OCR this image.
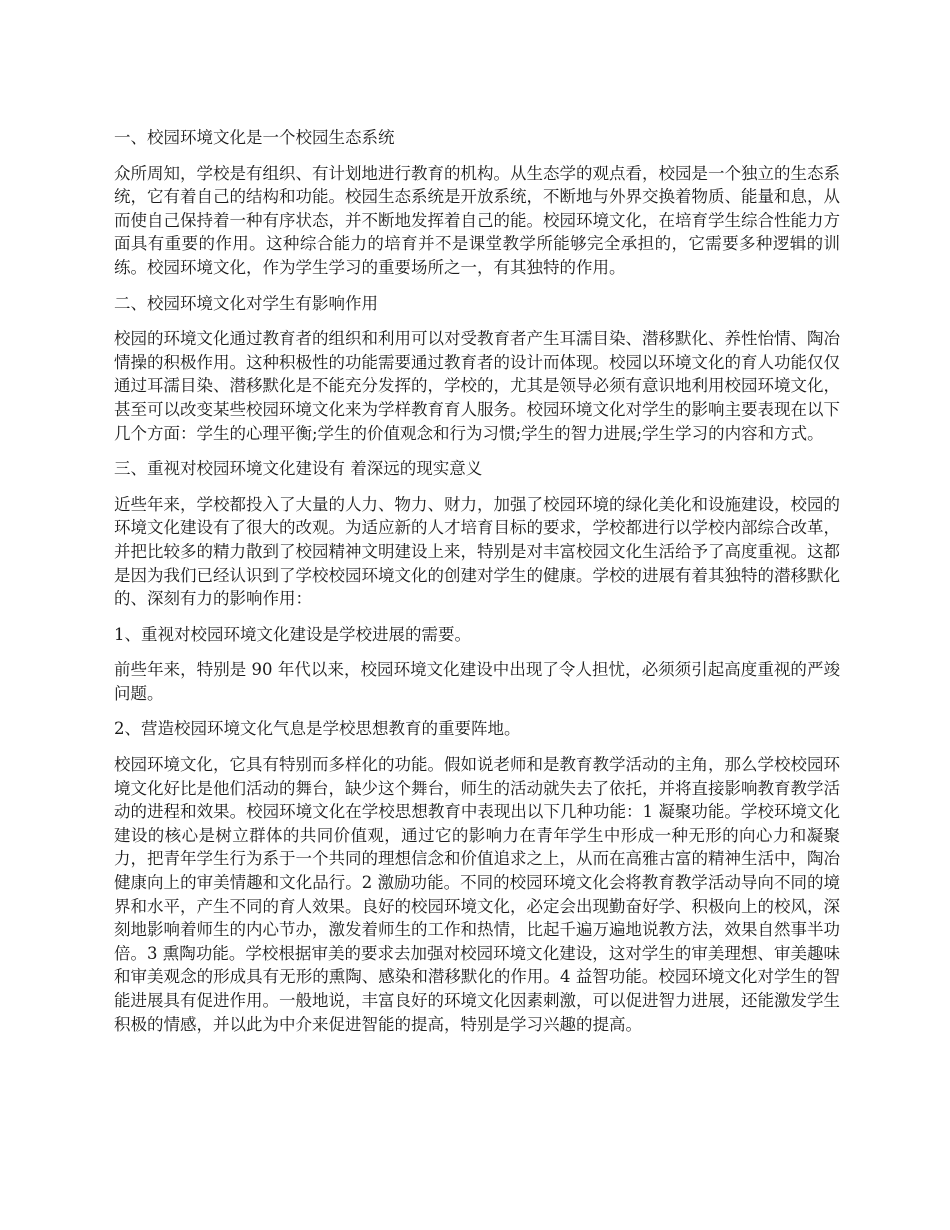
一、校园环境文化是一个校园生态系统

众所周知，学校是有组织、有计划地进行教育的机构。从生态学的观点看，校园是一个独立的生态系统，它有着自己的结构和功能。校园生态系统是开放系统，不断地与外界交换着物质、能量和息，从而使自己保持着一种有序状态，并不断地发挥着自己的能。校园环境文化，在培育学生综合性能力方面具有重要的作用。这种综合能力的培育并不是课堂教学所能够完全承担的，它需要多种逻辑的训练。校园环境文化，作为学生学习的重要场所之一，有其独特的作用。

二、校园环境文化对学生有影响作用

校园的环境文化通过教育者的组织和利用可以对受教育者产生耳濡目染、潜移默化、养性怡情、陶冶情操的积极作用。这种积极性的功能需要通过教育者的设计而体现。校园以环境文化的育人功能仅仅通过耳濡目染、潜移默化是不能充分发挥的，学校的，尤其是领导必须有意识地利用校园环境文化，甚至可以改变某些校园环境文化来为学样教育育人服务。校园环境文化对学生的影响主要表现在以下几个方面：学生的心理平衡;学生的价值观念和行为习惯;学生的智力进展;学生学习的内容和方式。

三、重视对校园环境文化建设有 着深远的现实意义

近些年来，学校都投入了大量的人力、物力、财力，加强了校园环境的绿化美化和设施建设，校园的环境文化建设有了很大的改观。为适应新的人才培育目标的要求，学校都进行以学校内部综合改革，并把比较多的精力散到了校园精神文明建设上来，特别是对丰富校园文化生活给予了高度重视。这都是因为我们已经认识到了学校校园环境文化的创建对学生的健康。学校的进展有着其独特的潜移默化的、深刻有力的影响作用：

1、重视对校园环境文化建设是学校进展的需要。

前些年来，特别是 90 年代以来，校园环境文化建设中出现了令人担忧，必须须引起高度重视的严竣问题。

2、营造校园环境文化气息是学校思想教育的重要阵地。

校园环境文化，它具有特别而多样化的功能。假如说老师和是教育教学活动的主角，那么学校校园环境文化好比是他们活动的舞台，缺少这个舞台，师生的活动就失去了依托，并将直接影响教育教学活动的进程和效果。校园环境文化在学校思想教育中表现出以下几种功能：1 凝聚功能。学校环境文化建设的核心是树立群体的共同价值观，通过它的影响力在青年学生中形成一种无形的向心力和凝聚力，把青年学生行为系于一个共同的理想信念和价值追求之上，从而在高雅古富的精神生活中，陶冶健康向上的审美情趣和文化品行。2 激励功能。不同的校园环境文化会将教育教学活动导向不同的境界和水平，产生不同的育人效果。良好的校园环境文化，必定会出现勤奋好学、积极向上的校风，深刻地影响着师生的内心节办，激发着师生的工作和热情，比起千遍万遍地说教方法，效果自然事半功倍。3 熏陶功能。学校根据审美的要求去加强对校园环境文化建设，这对学生的审美理想、审美趣味和审美观念的形成具有无形的熏陶、感染和潜移默化的作用。4 益智功能。校园环境文化对学生的智能进展具有促进作用。一般地说，丰富良好的环境文化因素刺激，可以促进智力进展，还能激发学生积极的情感，并以此为中介来促进智能的提高，特别是学习兴趣的提高。
